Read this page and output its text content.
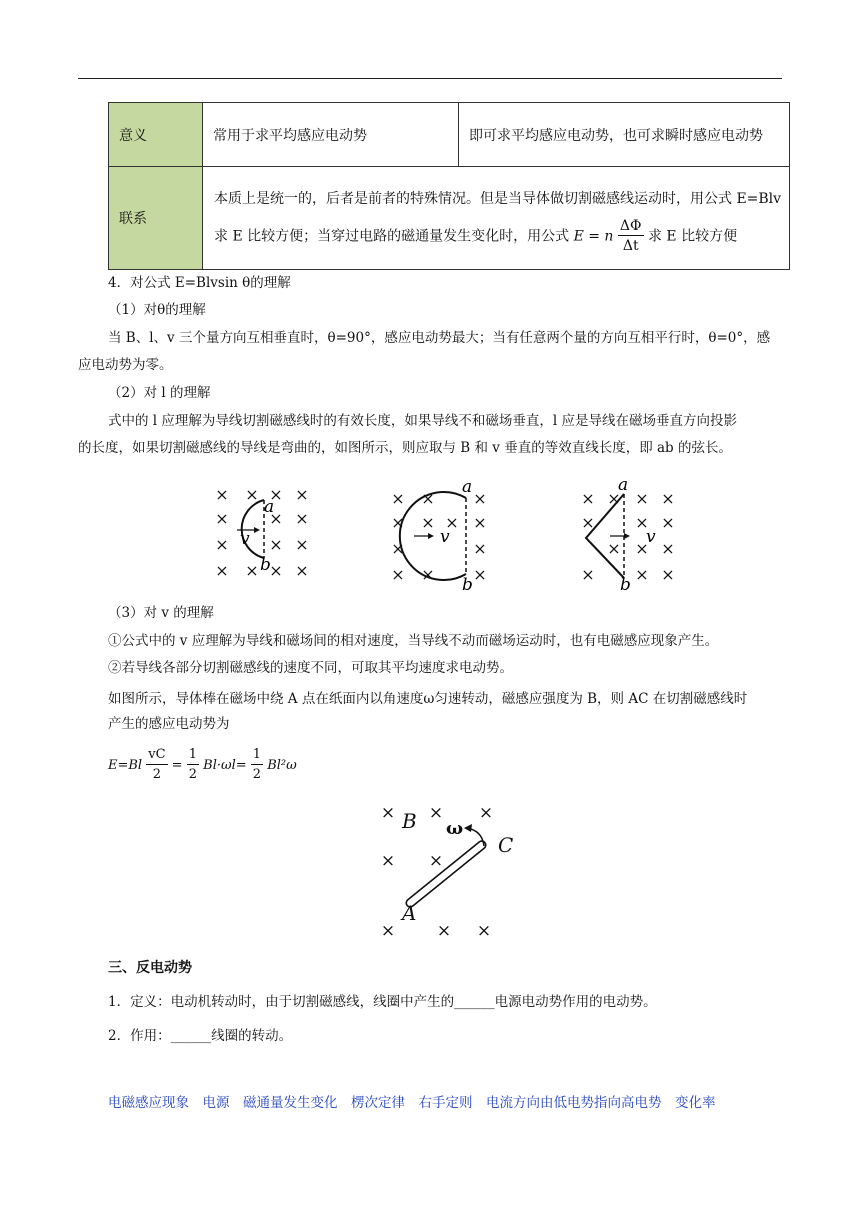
意义	常用于求平均感应电动势	即可求平均感应电动势，也可求瞬时感应电动势
联系	本质上是统一的，后者是前者的特殊情况。但是当导体做切割磁感线运动时，用公式 E=Blv
求 E 比较方便；当穿过电路的磁通量发生变化时，用公式 E = n $\frac{\Delta\Phi}{\Delta t}$ 求 E 比较方便	
4．对公式 E=Blvsin θ的理解
（1）对θ的理解
当 B、l、v 三个量方向互相垂直时，θ=90°，感应电动势最大；当有任意两个量的方向互相平行时，θ=0°，感
应电动势为零。
（2）对 l 的理解
式中的 l 应理解为导线切割磁感线时的有效长度，如果导线不和磁场垂直，l 应是导线在磁场垂直方向投影
的长度，如果切割磁感线的导线是弯曲的，如图所示，则应取与 B 和 v 垂直的等效直线长度，即 ab 的弦长。
× × × ×
×	× ×
×	× ×
× × × ×
a
v
b
× × ×
× × × ×
×	×
× × ×
a
v
b
× × × ×
×	× ×
× × ×
×	× ×
a
v
b
（3）对 v 的理解
①公式中的 v 应理解为导线和磁场间的相对速度，当导线不动而磁场运动时，也有电磁感应现象产生。
②若导线各部分切割磁感线的速度不同，可取其平均速度求电动势。
如图所示，导体棒在磁场中绕 A 点在纸面内以角速度ω匀速转动，磁感应强度为 B，则 AC 在切割磁感线时
产生的感应电动势为
$E=Bl \frac{vC}{2} = \frac{1}{2} Bl\cdot\omega l= \frac{1}{2} Bl^2\omega$
× × ×
× ×
× × ×
B ω
C
A
三、反电动势
1．定义：电动机转动时，由于切割磁感线，线圈中产生的______电源电动势作用的电动势。
2．作用：______线圈的转动。
电磁感应现象　电源　磁通量发生变化　楞次定律　右手定则　电流方向由低电势指向高电势　变化率
